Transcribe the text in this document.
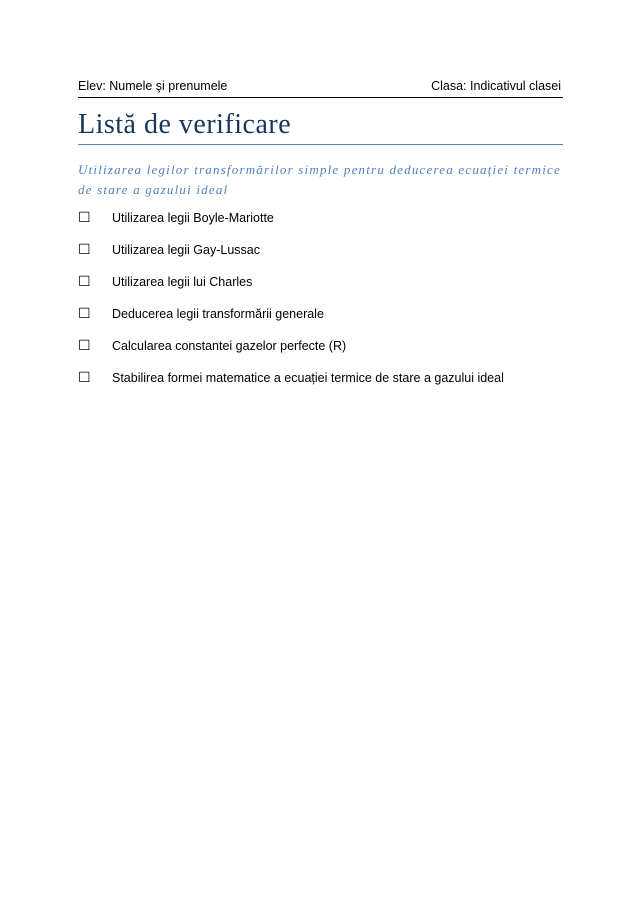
Elev: Numele şi prenumele	Clasa: Indicativul clasei
Listă de verificare
Utilizarea legilor transformărilor simple pentru deducerea ecuației termice de stare a gazului ideal
☐ Utilizarea legii Boyle-Mariotte
☐ Utilizarea legii Gay-Lussac
☐ Utilizarea legii lui Charles
☐ Deducerea legii transformării generale
☐ Calcularea constantei gazelor perfecte (R)
☐ Stabilirea formei matematice a ecuației termice de stare a gazului ideal
